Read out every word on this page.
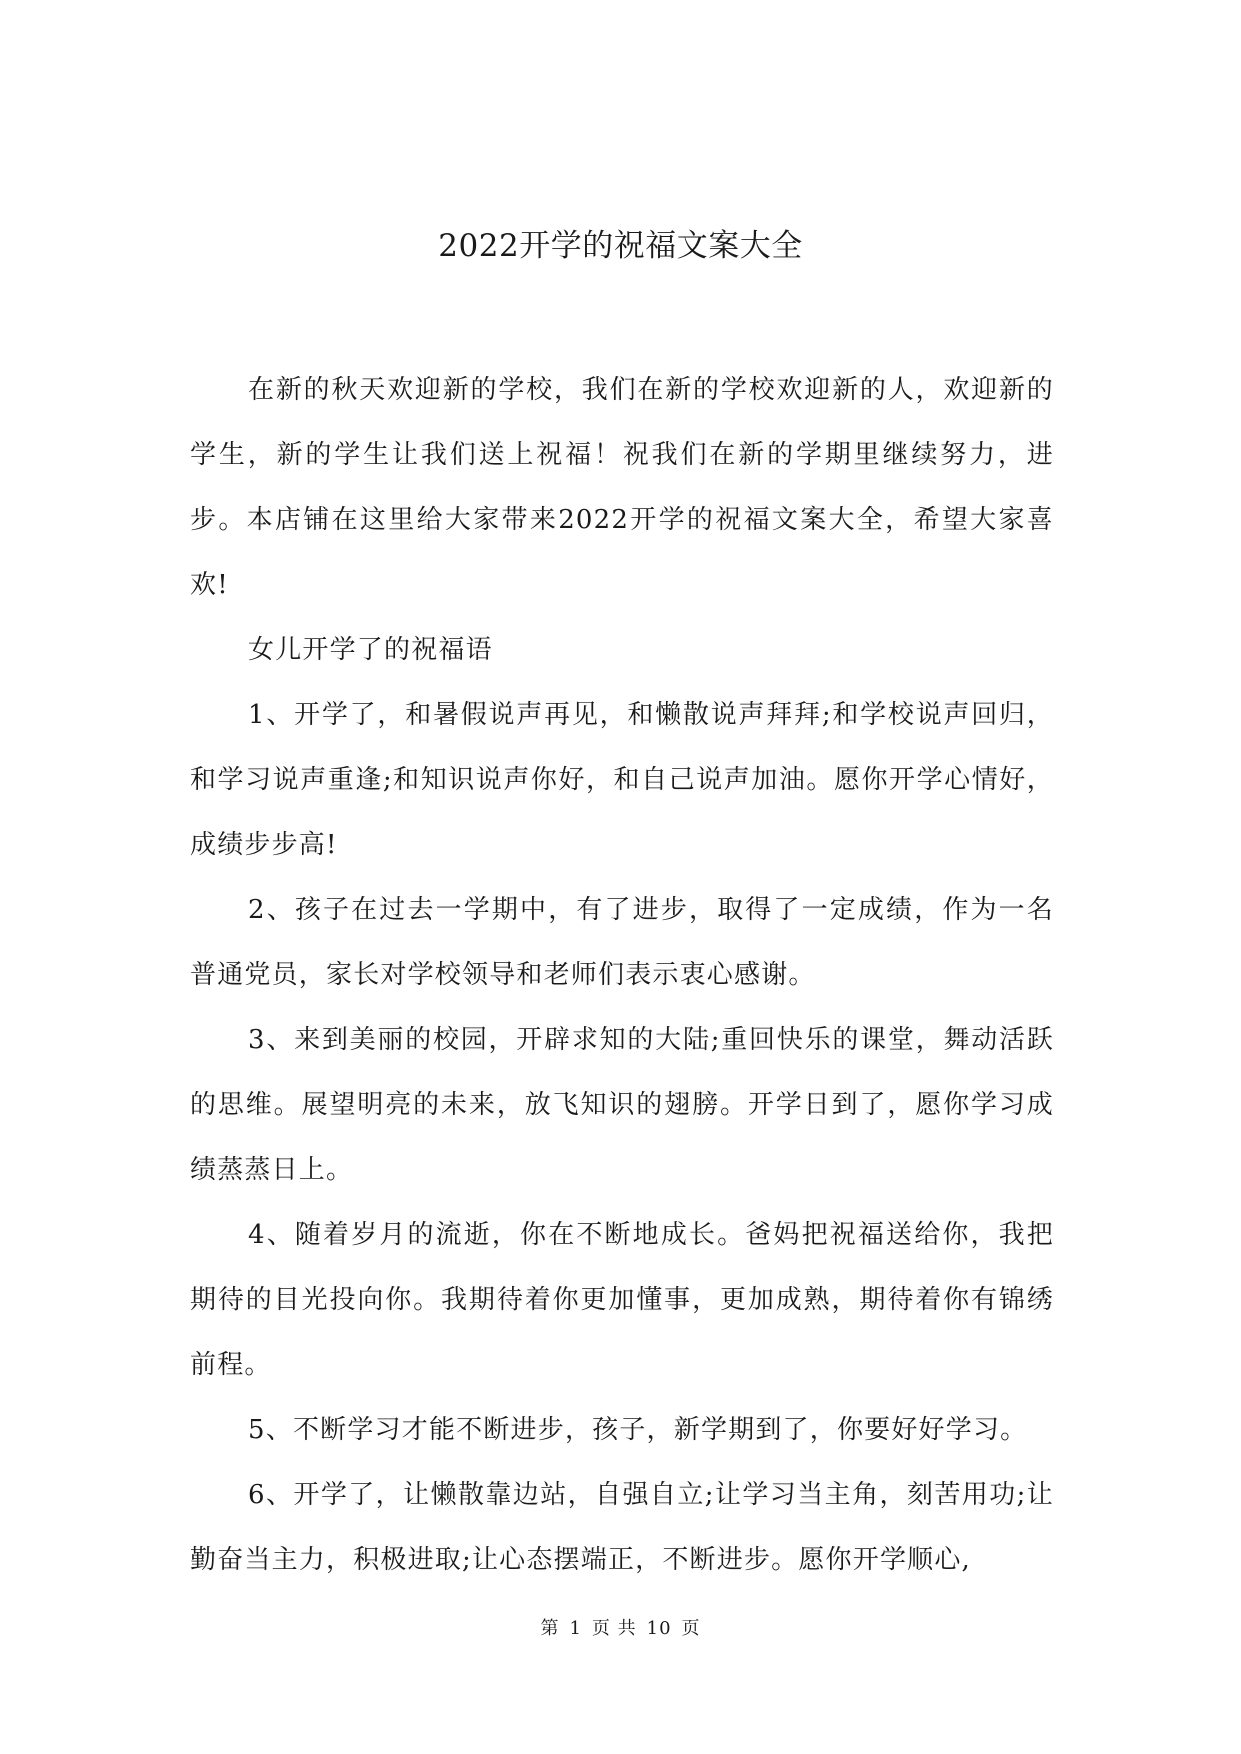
2022开学的祝福文案大全

在新的秋天欢迎新的学校，我们在新的学校欢迎新的人，欢迎新的学生，新的学生让我们送上祝福！祝我们在新的学期里继续努力，进步。本店铺在这里给大家带来2022开学的祝福文案大全，希望大家喜欢!

女儿开学了的祝福语

1、开学了，和暑假说声再见，和懒散说声拜拜;和学校说声回归，和学习说声重逢;和知识说声你好，和自己说声加油。愿你开学心情好，成绩步步高!

2、孩子在过去一学期中，有了进步，取得了一定成绩，作为一名普通党员，家长对学校领导和老师们表示衷心感谢。

3、来到美丽的校园，开辟求知的大陆;重回快乐的课堂，舞动活跃的思维。展望明亮的未来，放飞知识的翅膀。开学日到了，愿你学习成绩蒸蒸日上。

4、随着岁月的流逝，你在不断地成长。爸妈把祝福送给你，我把期待的目光投向你。我期待着你更加懂事，更加成熟，期待着你有锦绣前程。

5、不断学习才能不断进步，孩子，新学期到了，你要好好学习。

6、开学了，让懒散靠边站，自强自立;让学习当主角，刻苦用功;让勤奋当主力，积极进取;让心态摆端正，不断进步。愿你开学顺心,

第 1 页 共 10 页
